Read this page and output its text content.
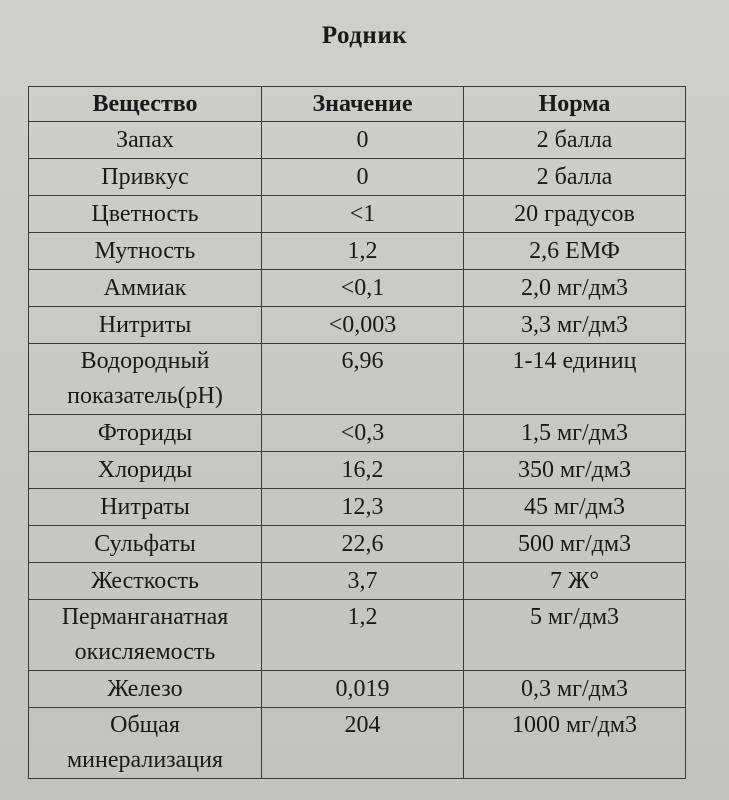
Родник
Вещество	Значение	Норма
Запах	0	2 балла
Привкус	0	2 балла
Цветность	<1	20 градусов
Мутность	1,2	2,6 ЕМФ
Аммиак	<0,1	2,0 мг/дм3
Нитриты	<0,003	3,3 мг/дм3
Водородный
показатель(pH)	6,96	1-14 единиц
Фториды	<0,3	1,5 мг/дм3
Хлориды	16,2	350 мг/дм3
Нитраты	12,3	45 мг/дм3
Сульфаты	22,6	500 мг/дм3
Жесткость	3,7	7 Ж°
Перманганатная
окисляемость	1,2	5 мг/дм3
Железо	0,019	0,3 мг/дм3
Общая
минерализация	204	1000 мг/дм3
